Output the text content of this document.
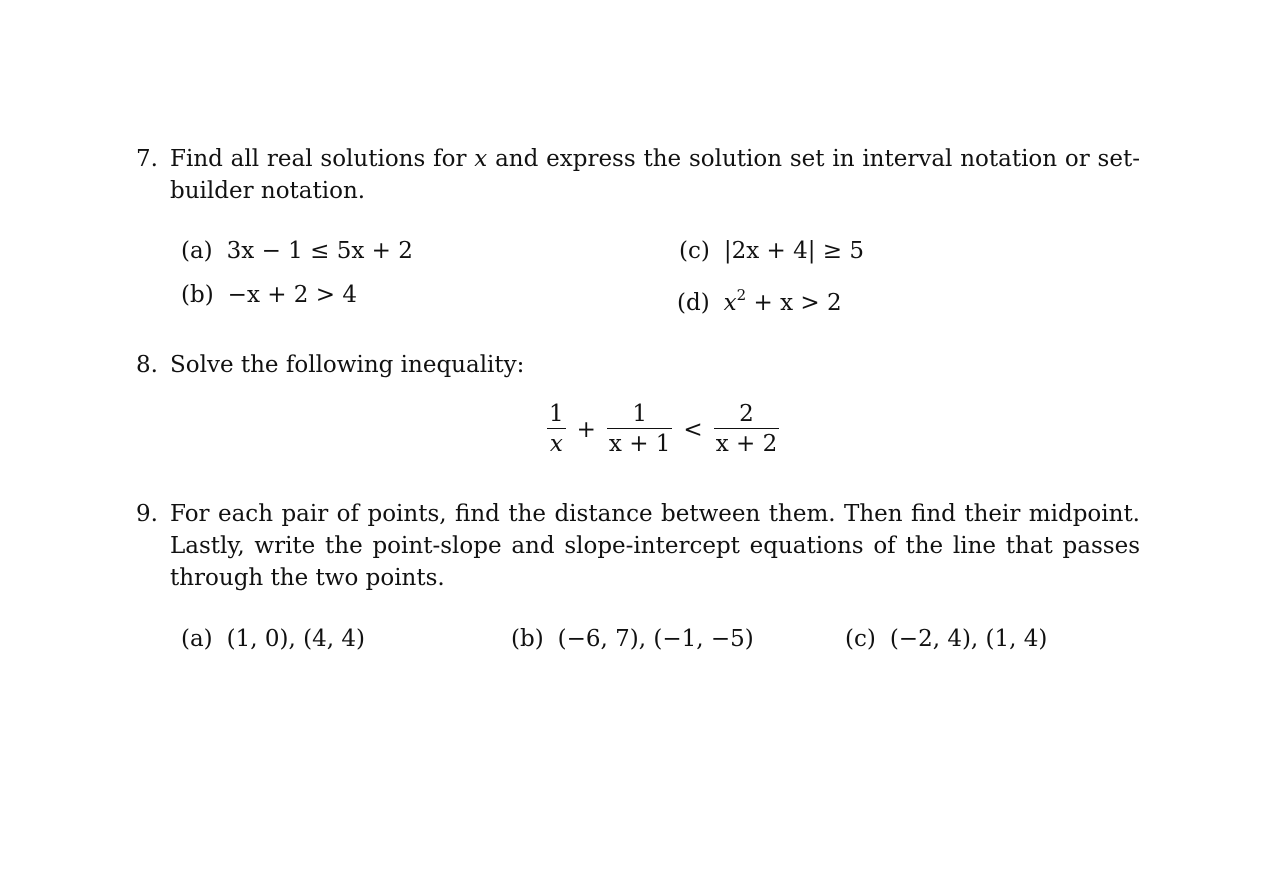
7. Find all real solutions for x and express the solution set in interval notation or set-builder notation.
(a) 3x − 1 ≤ 5x + 2
(b) −x + 2 > 4
(c) |2x + 4| ≥ 5
(d) $x^2 + x > 2$
8. Solve the following inequality:
$\frac{1}{x} + \frac{1}{x + 1} < \frac{2}{x + 2}$
9. For each pair of points, find the distance between them. Then find their midpoint. Lastly, write the point-slope and slope-intercept equations of the line that passes through the two points.
(a) (1, 0), (4, 4)	(b) (−6, 7), (−1, −5)	(c) (−2, 4), (1, 4)
